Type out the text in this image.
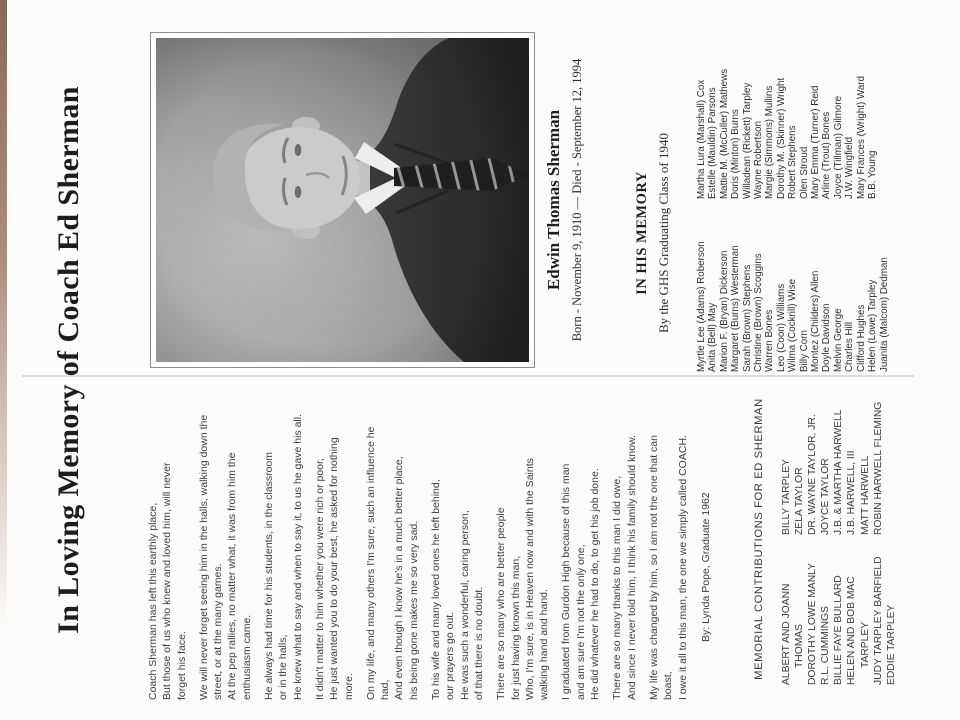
In Loving Memory of Coach Ed Sherman	Coach Sherman has left this earthly place, But those of us who knew and loved him, will never forget his face. We will never forget seeing him in the halls, walking down the street, or at the many games. At the pep rallies, no matter what, it was from him the enthusiasm came. He always had time for his students, in the classroom or in the halls, He knew what to say and when to say it, to us he gave his all. It didn't matter to him whether you were rich or poor, He just wanted you to do your best, he asked for nothing more. On my life, and many others I'm sure, such an influence he had, And even though I know he's in a much better place, his being gone makes me so very sad. To his wife and many loved ones he left behind, our prayers go out. He was such a wonderful, caring person, of that there is no doubt. There are so many who are better people for just having known this man, Who, I'm sure, is in Heaven now and with the Saints walking hand and hand. I graduated from Gurdon High because of this man and am sure I'm not the only one, He did whatever he had to do, to get his job done. There are so many thanks to this man I did owe, And since I never told him, I think his family should know. My life was changed by him, so I am not the one that can boast, I owe it all to this man, the one we simply called COACH. By: Lynda Pope, Graduate 1962	MEMORIAL CONTRIBUTIONS FOR ED SHERMAN ALBERT AND JOANN THOMAS DOROTHY LOWE MANLY R.L. CUMMINGS BILLIE FAYE BULLARD HELEN AND BOB MAC TARPLEY JUDY TARPLEY BARFIELD EDDIE TARPLEY
BILLY TARPLEY ZELA TAYLOR DR. WAYNE TAYLOR, JR. JOYCE TAYLOR J.B. & MARTHA HARWELL J.B. HARWELL, III MATT HARWELL ROBIN HARWELL FLEMING
Edwin Thomas Sherman Born - November 9, 1910 — Died - September 12, 1994	IN HIS MEMORY By the GHS Graduating Class of 1940	Myrtle Lee (Adams) Roberson Anita (Bell) May Marion F. (Bryan) Dickerson Margaret (Burns) Westerman Sarah (Brown) Stephens Christine (Brown) Scoggins Warren Bones Leo (Coon) Williams Wilma (Cockrill) Wise Billy Corn Montez (Childers) Allen Doyle Davidson Melvin George Charles Hill Clifford Hughes Helen (Lowe) Tarpley Juanita (Malcom) Dedman
Martha Lura (Marshall) Cox Estelle (Mauldin) Parsons Mattie M. (McCuller) Mathews Doris (Minton) Burns Willadean (Rickett) Tarpley Wayne Robertson Margie (Simmons) Mullins Dorothy M. (Skinner) Wright Robert Stephens Olen Stroud Mary Emma (Turner) Reid Arline (Trout) Bones Joyce (Tillman) Gilmore J.W. Wingfield Mary Frances (Wright) Ward B.B. Young
